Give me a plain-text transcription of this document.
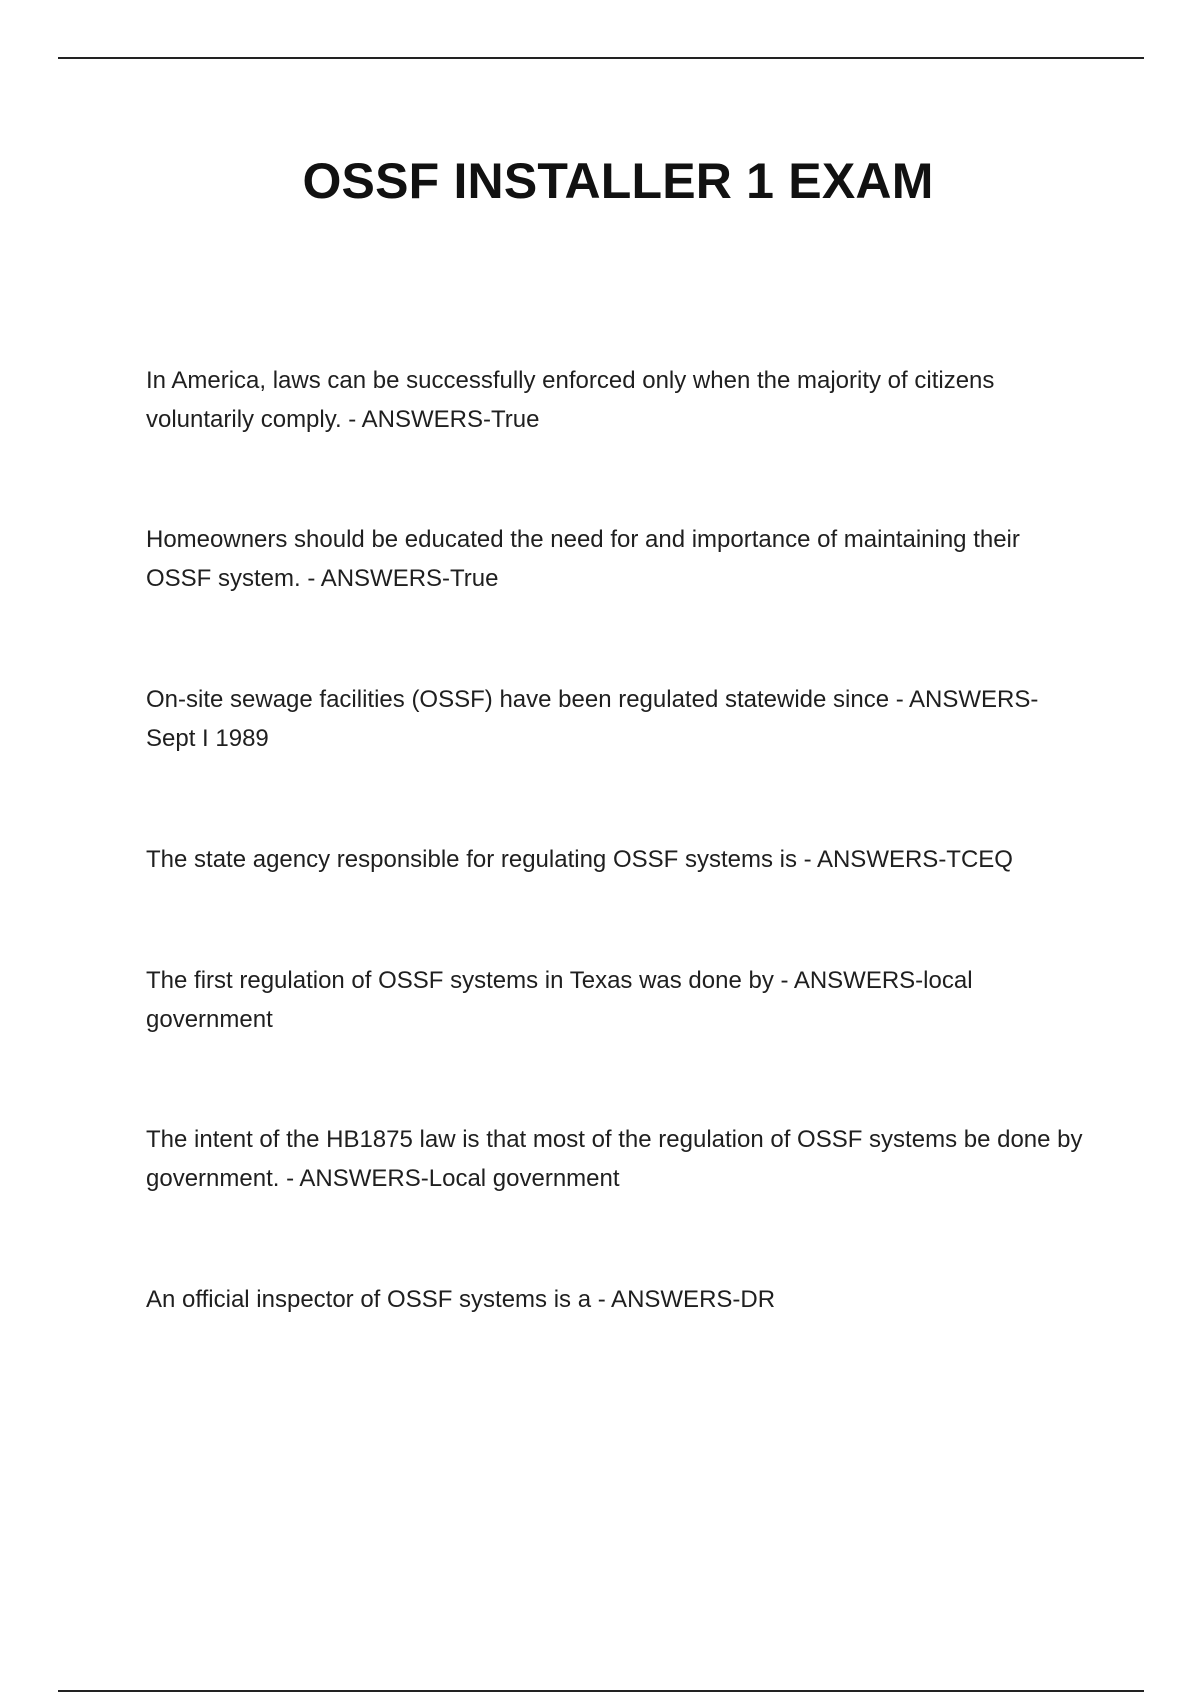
OSSF INSTALLER 1 EXAM
In America, laws can be successfully enforced only when the majority of citizens voluntarily comply. - ANSWERS-True
Homeowners should be educated the need for and importance of maintaining their OSSF system. - ANSWERS-True
On-site sewage facilities (OSSF) have been regulated statewide since - ANSWERS-Sept I 1989
The state agency responsible for regulating OSSF systems is - ANSWERS-TCEQ
The first regulation of OSSF systems in Texas was done by - ANSWERS-local government
The intent of the HB1875 law is that most of the regulation of OSSF systems be done by government. - ANSWERS-Local government
An official inspector of OSSF systems is a - ANSWERS-DR
